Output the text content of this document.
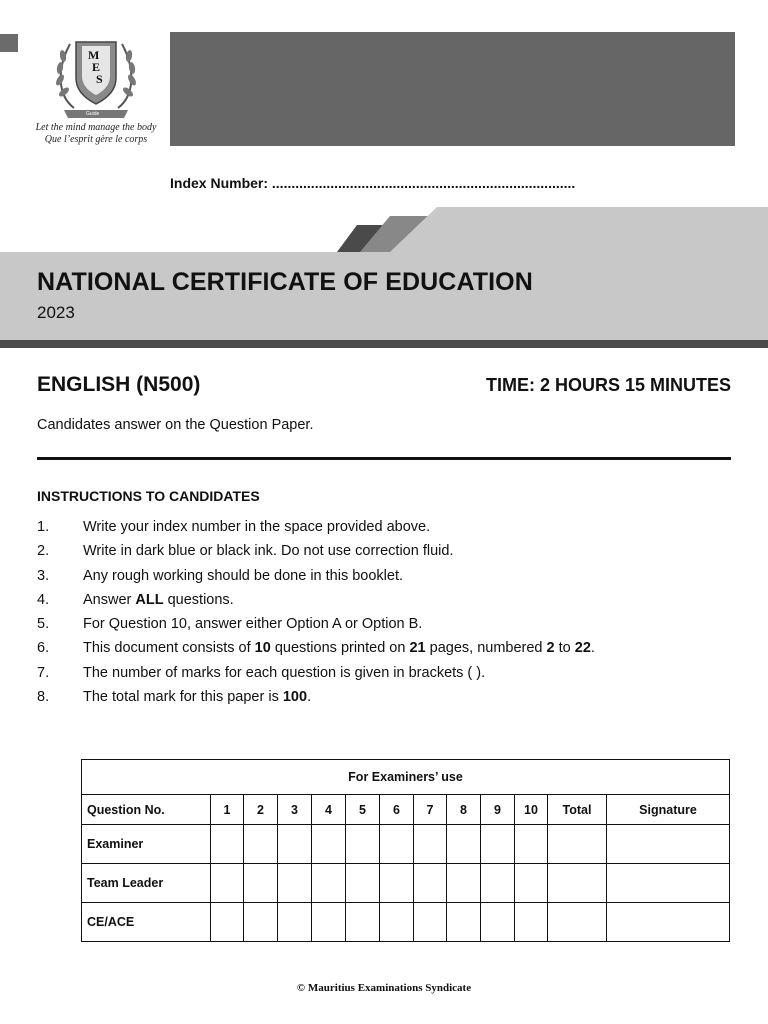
M
E
S
Guide
Let the mind manage the body
Que l’esprit gère le corps
Index Number: ..............................................................................
NATIONAL CERTIFICATE OF EDUCATION
2023
ENGLISH (N500)	TIME: 2 HOURS 15 MINUTES
Candidates answer on the Question Paper.
INSTRUCTIONS TO CANDIDATES
1. Write your index number in the space provided above.
2. Write in dark blue or black ink. Do not use correction fluid.
3. Any rough working should be done in this booklet.
4. Answer ALL questions.
5. For Question 10, answer either Option A or Option B.
6. This document consists of 10 questions printed on 21 pages, numbered 2 to 22.
7. The number of marks for each question is given in brackets ( ).
8. The total mark for this paper is 100.
For Examiners’ use												
Question No.	1	2	3	4	5	6	7	8	9	10	Total	Signature
Examiner												
Team Leader												
CE/ACE												
© Mauritius Examinations Syndicate
